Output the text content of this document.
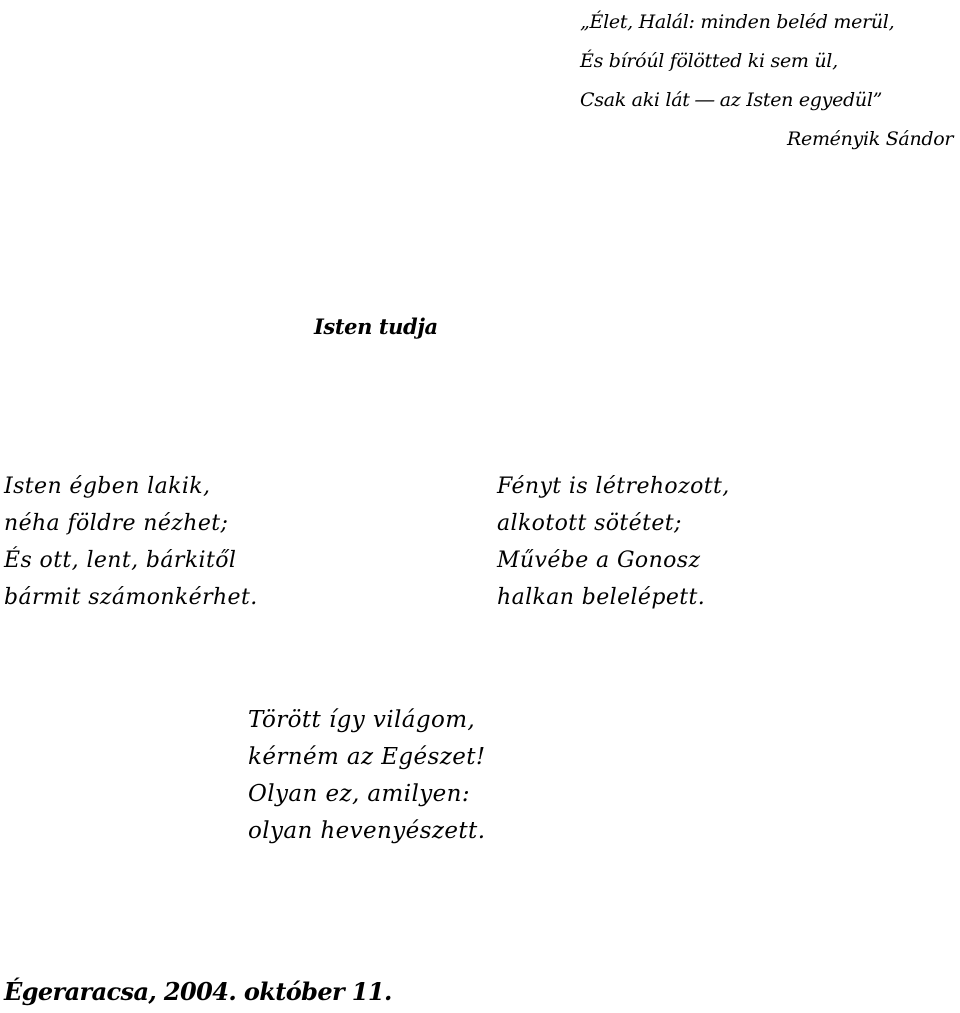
„Élet, Halál: minden beléd merül,
És bíróúl fölötted ki sem ül,
Csak aki lát ― az Isten egyedül”
Reményik Sándor
Isten tudja
Isten égben lakik,
néha földre nézhet;
És ott, lent, bárkitől
bármit számonkérhet.
Fényt is létrehozott,
alkotott sötétet;
Művébe a Gonosz
halkan belelépett.
Törött így világom,
kérném az Egészet!
Olyan ez, amilyen:
olyan hevenyészett.
Égeraracsa, 2004. október 11.
